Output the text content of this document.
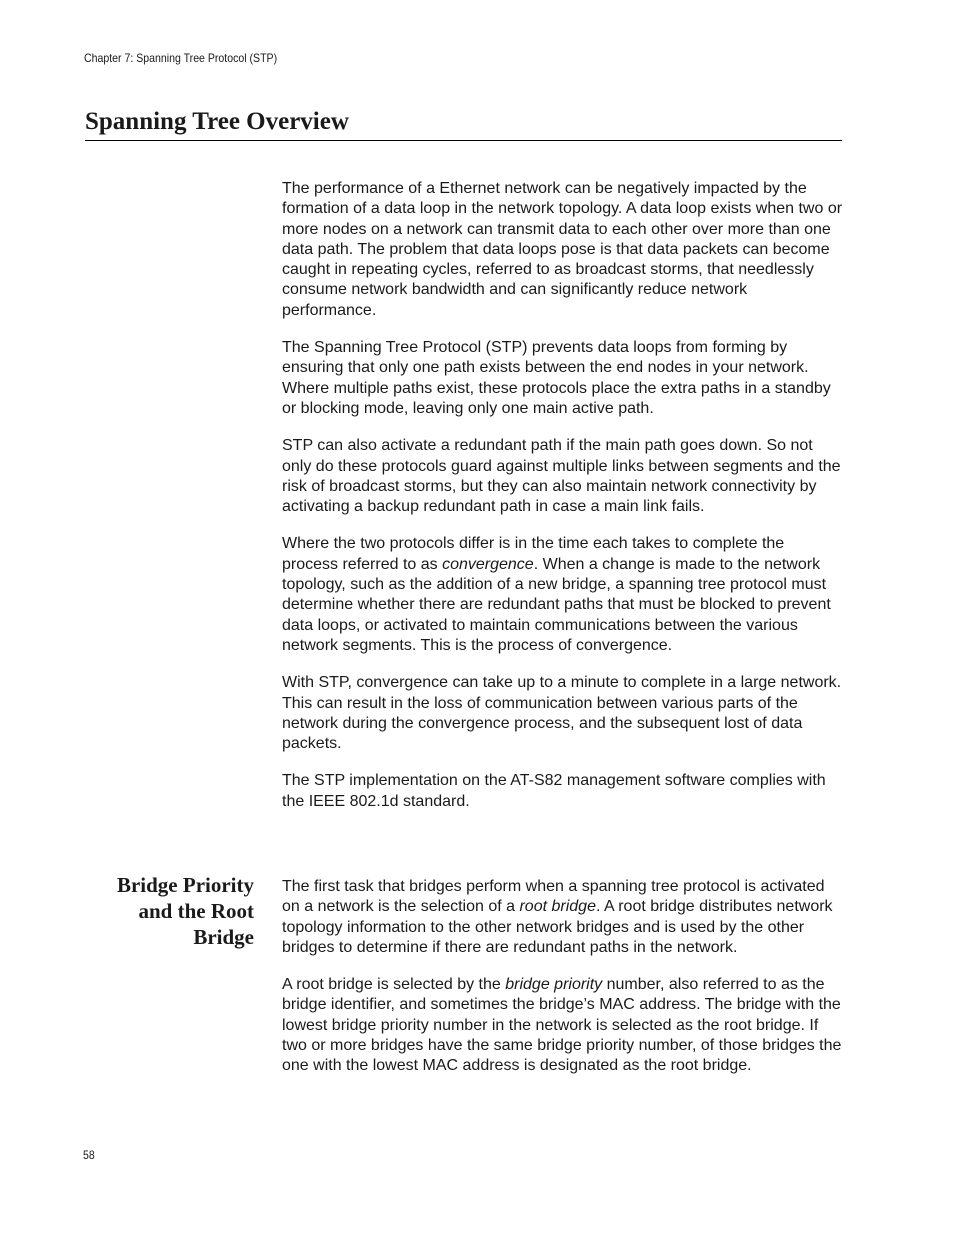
Chapter 7: Spanning Tree Protocol (STP)
Spanning Tree Overview

The performance of a Ethernet network can be negatively impacted by the formation of a data loop in the network topology. A data loop exists when two or more nodes on a network can transmit data to each other over more than one data path. The problem that data loops pose is that data packets can become caught in repeating cycles, referred to as broadcast storms, that needlessly consume network bandwidth and can significantly reduce network performance.

The Spanning Tree Protocol (STP) prevents data loops from forming by ensuring that only one path exists between the end nodes in your network. Where multiple paths exist, these protocols place the extra paths in a standby or blocking mode, leaving only one main active path.

STP can also activate a redundant path if the main path goes down. So not only do these protocols guard against multiple links between segments and the risk of broadcast storms, but they can also maintain network connectivity by activating a backup redundant path in case a main link fails.

Where the two protocols differ is in the time each takes to complete the process referred to as convergence. When a change is made to the network topology, such as the addition of a new bridge, a spanning tree protocol must determine whether there are redundant paths that must be blocked to prevent data loops, or activated to maintain communications between the various network segments. This is the process of convergence.

With STP, convergence can take up to a minute to complete in a large network. This can result in the loss of communication between various parts of the network during the convergence process, and the subsequent lost of data packets.

The STP implementation on the AT-S82 management software complies with the IEEE 802.1d standard.

Bridge Priority
and the Root
Bridge

The first task that bridges perform when a spanning tree protocol is activated on a network is the selection of a root bridge. A root bridge distributes network topology information to the other network bridges and is used by the other bridges to determine if there are redundant paths in the network.

A root bridge is selected by the bridge priority number, also referred to as the bridge identifier, and sometimes the bridge’s MAC address. The bridge with the lowest bridge priority number in the network is selected as the root bridge. If two or more bridges have the same bridge priority number, of those bridges the one with the lowest MAC address is designated as the root bridge.

58
